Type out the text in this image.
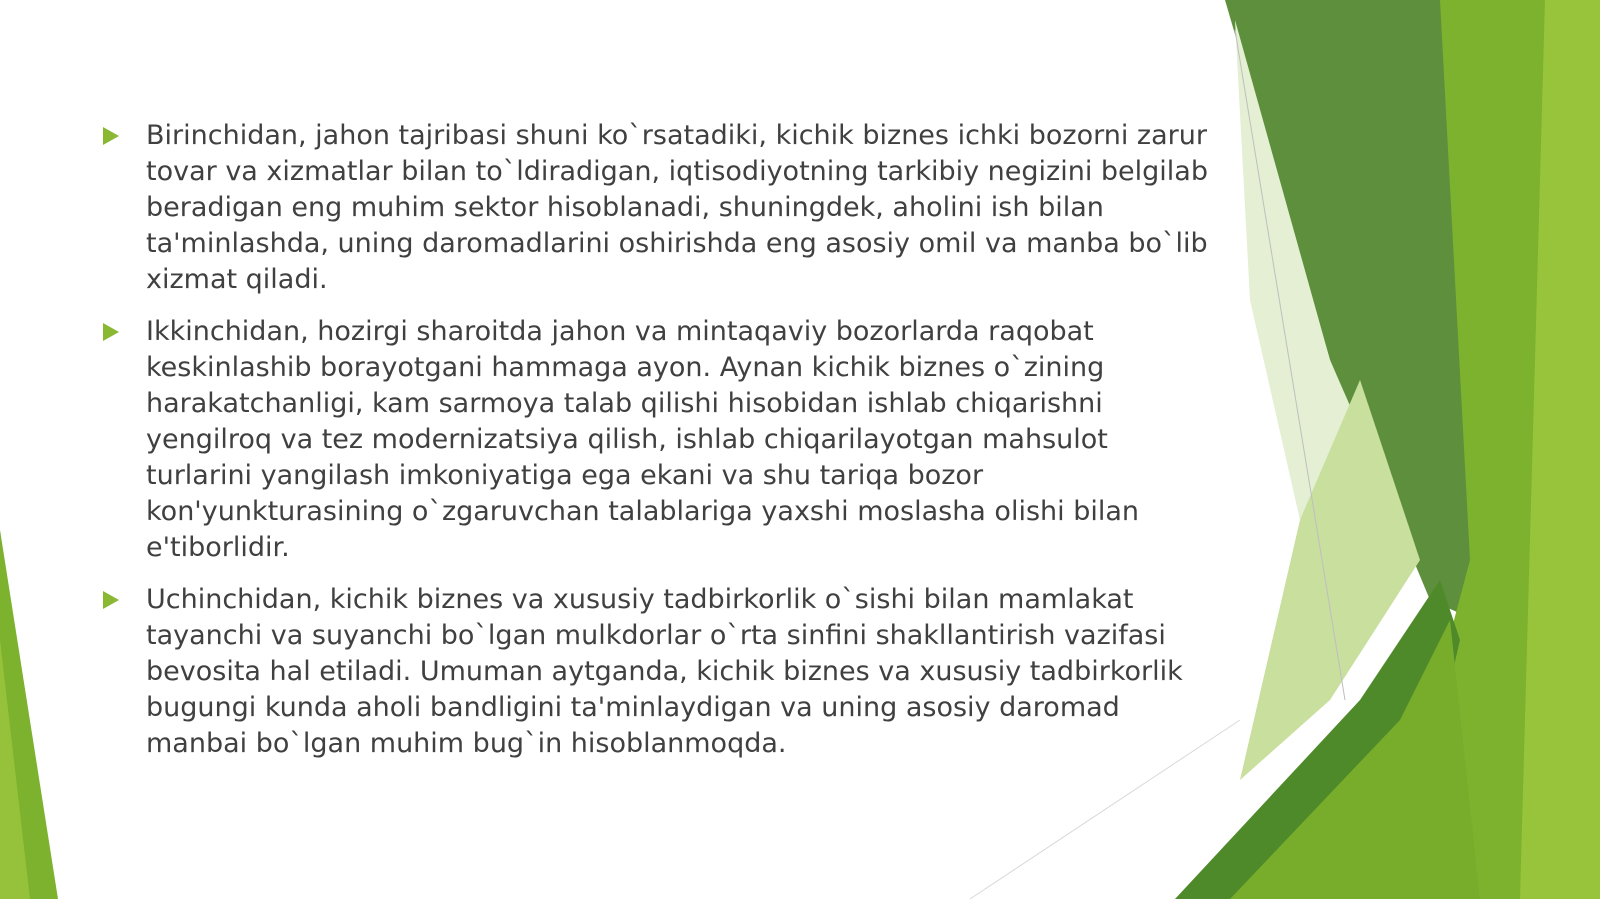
Birinchidan, jahon tajribasi shuni ko`rsatadiki, kichik biznes ichki bozorni zarur tovar va xizmatlar bilan to`ldiradigan, iqtisodiyotning tarkibiy negizini belgilab beradigan eng muhim sektor hisoblanadi, shuningdek, aholini ish bilan ta'minlashda, uning daromadlarini oshirishda eng asosiy omil va manba bo`lib xizmat qiladi.
Ikkinchidan, hozirgi sharoitda jahon va mintaqaviy bozorlarda raqobat keskinlashib borayotgani hammaga ayon. Aynan kichik biznes o`zining harakatchanligi, kam sarmoya talab qilishi hisobidan ishlab chiqarishni yengilroq va tez modernizatsiya qilish, ishlab chiqarilayotgan mahsulot turlarini yangilash imkoniyatiga ega ekani va shu tariqa bozor kon'yunkturasining o`zgaruvchan talablariga yaxshi moslasha olishi bilan e'tiborlidir.
Uchinchidan, kichik biznes va xususiy tadbirkorlik o`sishi bilan mamlakat tayanchi va suyanchi bo`lgan mulkdorlar o`rta sinfini shakllantirish vazifasi bevosita hal etiladi. Umuman aytganda, kichik biznes va xususiy tadbirkorlik bugungi kunda aholi bandligini ta'minlaydigan va uning asosiy daromad manbai bo`lgan muhim bug`in hisoblanmoqda.
